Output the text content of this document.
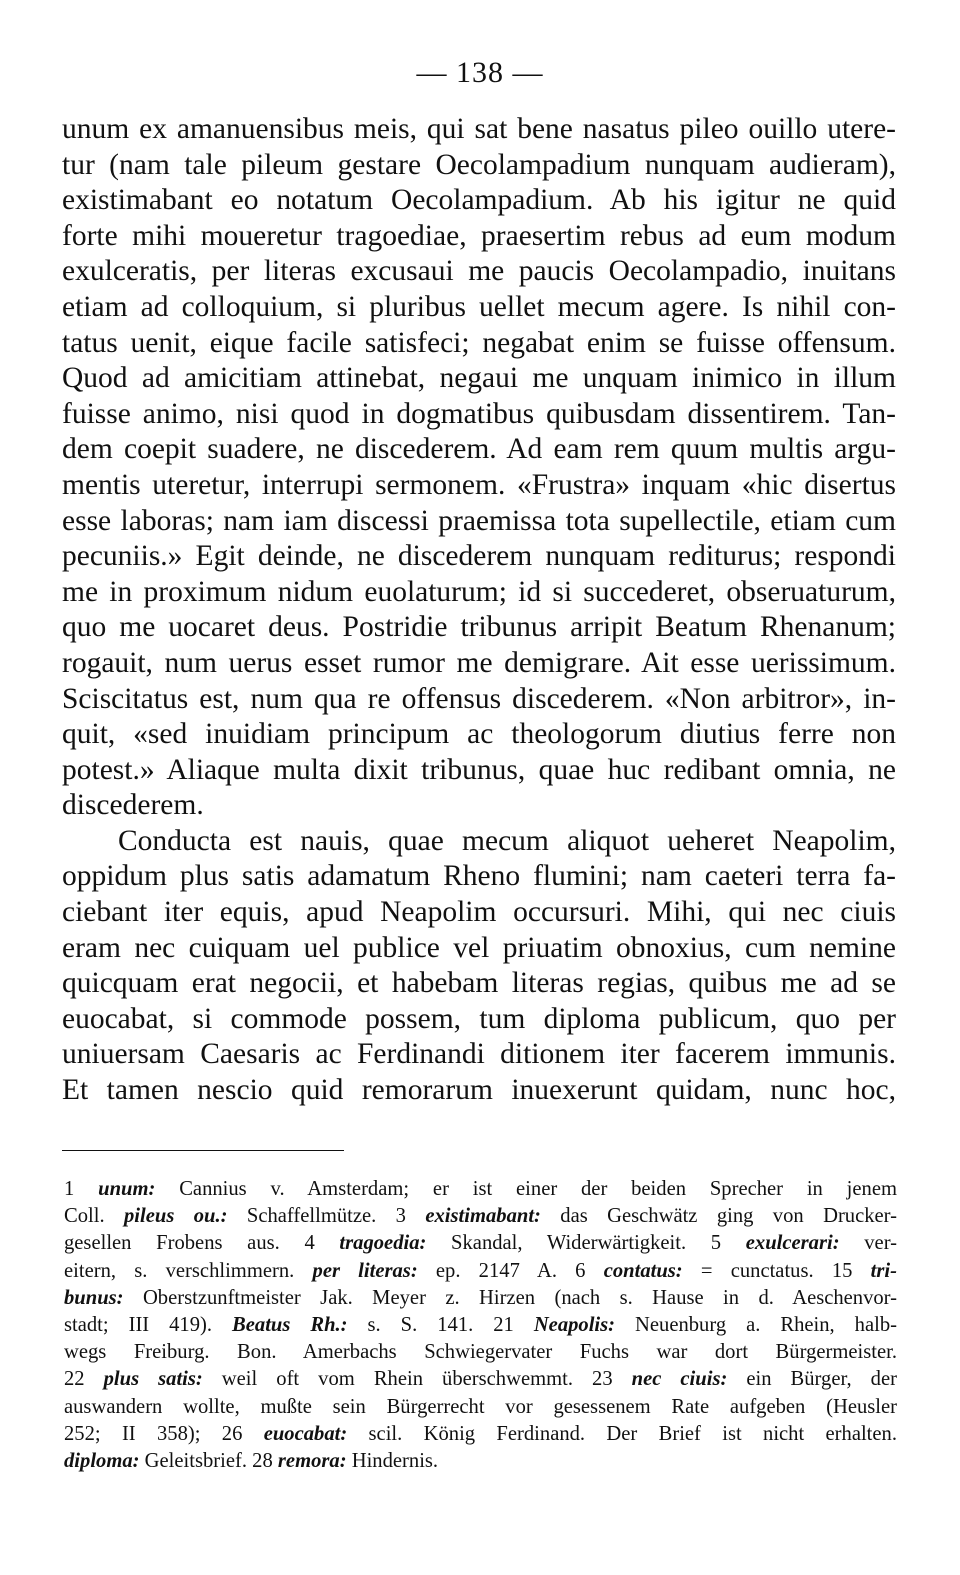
— 138 —
unum ex amanuensibus meis, qui sat bene nasatus pileo ouillo utere-
tur (nam tale pileum gestare Oecolampadium nunquam audieram),
existimabant eo notatum Oecolampadium. Ab his igitur ne quid
forte mihi moueretur tragoediae, praesertim rebus ad eum modum
exulceratis, per literas excusaui me paucis Oecolampadio, inuitans
etiam ad colloquium, si pluribus uellet mecum agere. Is nihil con-
tatus uenit, eique facile satisfeci; negabat enim se fuisse offensum.
Quod ad amicitiam attinebat, negaui me unquam inimico in illum
fuisse animo, nisi quod in dogmatibus quibusdam dissentirem. Tan-
dem coepit suadere, ne discederem. Ad eam rem quum multis argu-
mentis uteretur, interrupi sermonem. «Frustra» inquam «hic disertus
esse laboras; nam iam discessi praemissa tota supellectile, etiam cum
pecuniis.» Egit deinde, ne discederem nunquam rediturus; respondi
me in proximum nidum euolaturum; id si succederet, obseruaturum,
quo me uocaret deus. Postridie tribunus arripit Beatum Rhenanum;
rogauit, num uerus esset rumor me demigrare. Ait esse uerissimum.
Sciscitatus est, num qua re offensus discederem. «Non arbitror», in-
quit, «sed inuidiam principum ac theologorum diutius ferre non
potest.» Aliaque multa dixit tribunus, quae huc redibant omnia, ne
discederem.
Conducta est nauis, quae mecum aliquot ueheret Neapolim,
oppidum plus satis adamatum Rheno flumini; nam caeteri terra fa-
ciebant iter equis, apud Neapolim occursuri. Mihi, qui nec ciuis
eram nec cuiquam uel publice vel priuatim obnoxius, cum nemine
quicquam erat negocii, et habebam literas regias, quibus me ad se
euocabat, si commode possem, tum diploma publicum, quo per
uniuersam Caesaris ac Ferdinandi ditionem iter facerem immunis.
Et tamen nescio quid remorarum inuexerunt quidam, nunc hoc,
1 unum: Cannius v. Amsterdam; er ist einer der beiden Sprecher in jenem
Coll. pileus ou.: Schaffellmütze. 3 existimabant: das Geschwätz ging von Drucker-
gesellen Frobens aus. 4 tragoedia: Skandal, Widerwärtigkeit. 5 exulcerari: ver-
eitern, s. verschlimmern. per literas: ep. 2147 A. 6 contatus: = cunctatus. 15 tri-
bunus: Oberstzunftmeister Jak. Meyer z. Hirzen (nach s. Hause in d. Aeschenvor-
stadt; III 419). Beatus Rh.: s. S. 141. 21 Neapolis: Neuenburg a. Rhein, halb-
wegs Freiburg. Bon. Amerbachs Schwiegervater Fuchs war dort Bürgermeister.
22 plus satis: weil oft vom Rhein überschwemmt. 23 nec ciuis: ein Bürger, der
auswandern wollte, mußte sein Bürgerrecht vor gesessenem Rate aufgeben (Heusler
252; II 358); 26 euocabat: scil. König Ferdinand. Der Brief ist nicht erhalten.
diploma: Geleitsbrief. 28 remora: Hindernis.
